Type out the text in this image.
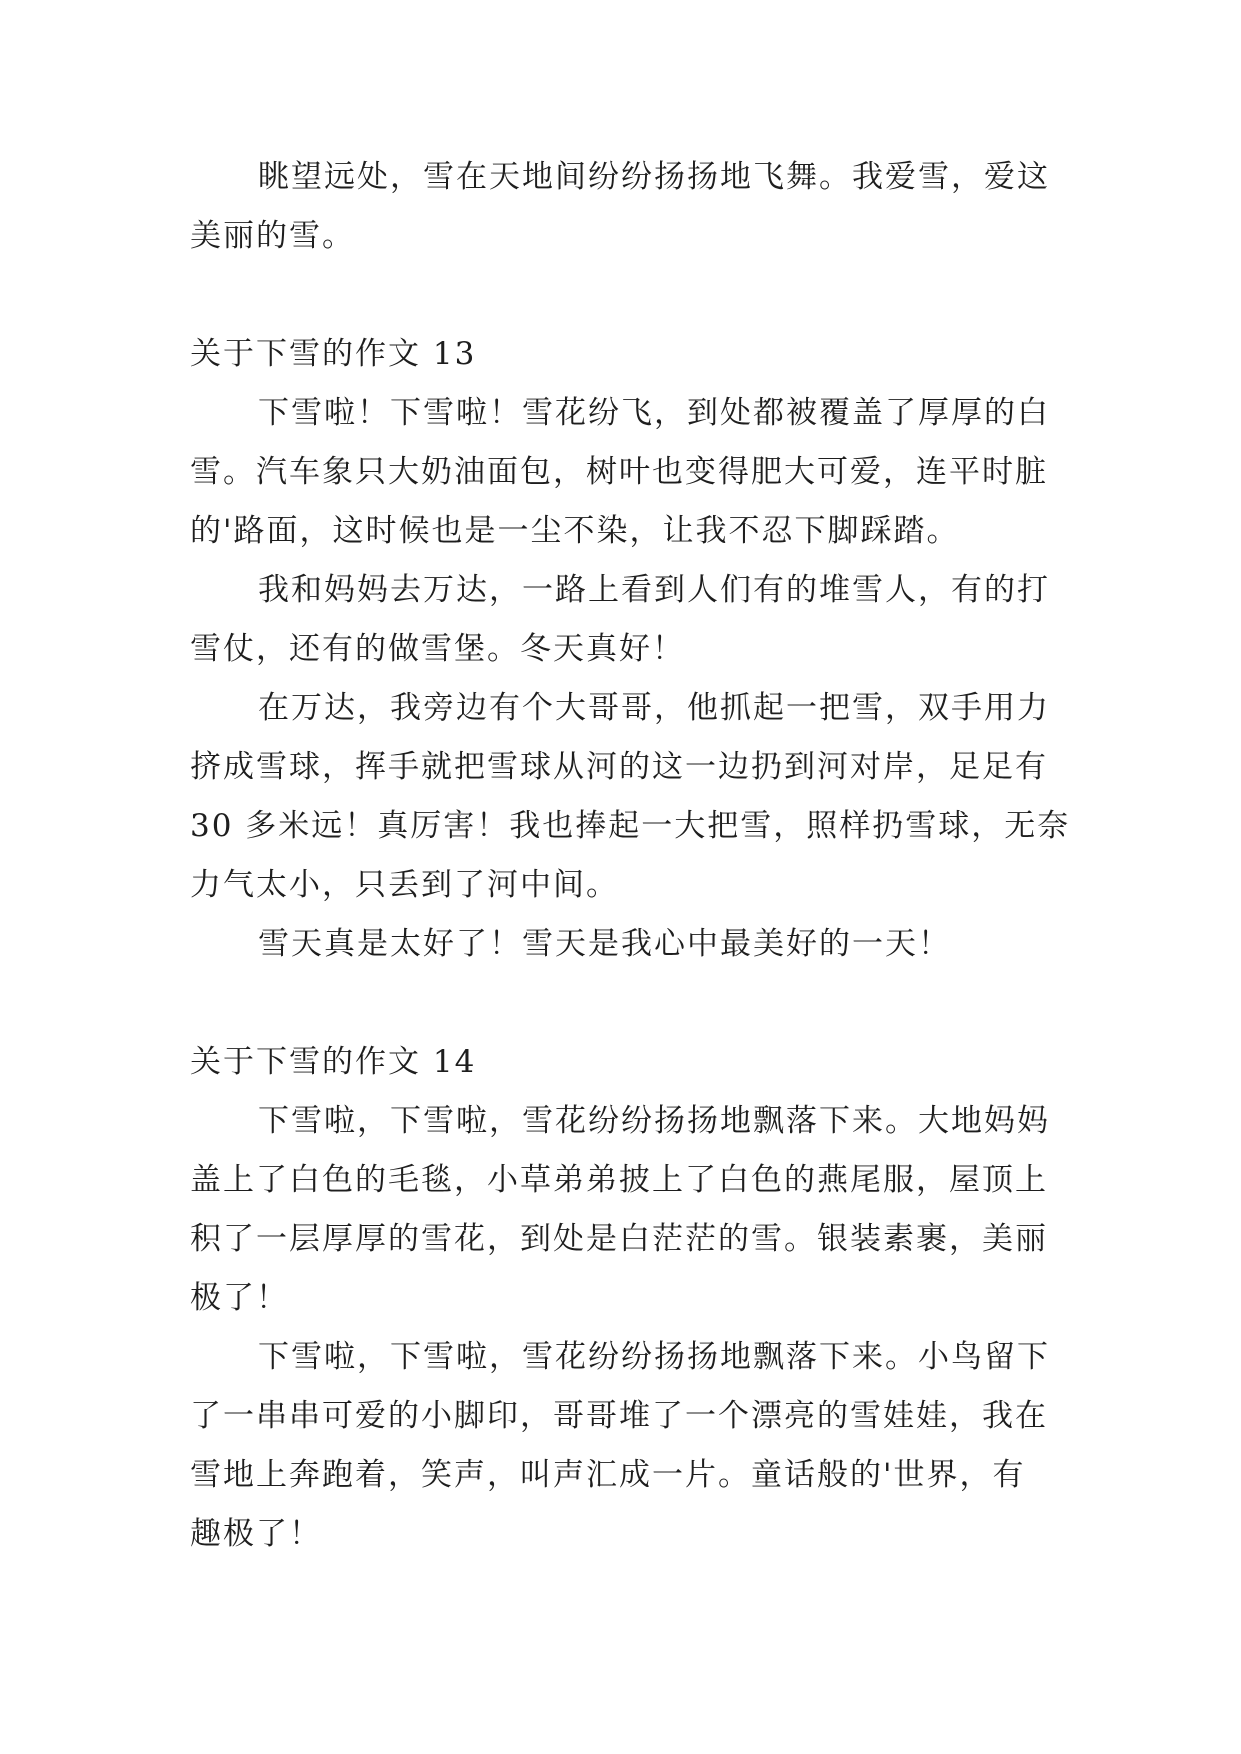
眺望远处，雪在天地间纷纷扬扬地飞舞。我爱雪，爱这
美丽的雪。
关于下雪的作文 13
下雪啦！下雪啦！雪花纷飞，到处都被覆盖了厚厚的白
雪。汽车象只大奶油面包，树叶也变得肥大可爱，连平时脏
的'路面，这时候也是一尘不染，让我不忍下脚踩踏。
我和妈妈去万达，一路上看到人们有的堆雪人，有的打
雪仗，还有的做雪堡。冬天真好！
在万达，我旁边有个大哥哥，他抓起一把雪，双手用力
挤成雪球，挥手就把雪球从河的这一边扔到河对岸，足足有
30 多米远！真厉害！我也捧起一大把雪，照样扔雪球，无奈
力气太小，只丢到了河中间。
雪天真是太好了！雪天是我心中最美好的一天！
关于下雪的作文 14
下雪啦，下雪啦，雪花纷纷扬扬地飘落下来。大地妈妈
盖上了白色的毛毯，小草弟弟披上了白色的燕尾服，屋顶上
积了一层厚厚的雪花，到处是白茫茫的雪。银装素裹，美丽
极了！
下雪啦，下雪啦，雪花纷纷扬扬地飘落下来。小鸟留下
了一串串可爱的小脚印，哥哥堆了一个漂亮的雪娃娃，我在
雪地上奔跑着，笑声，叫声汇成一片。童话般的'世界，有
趣极了！
